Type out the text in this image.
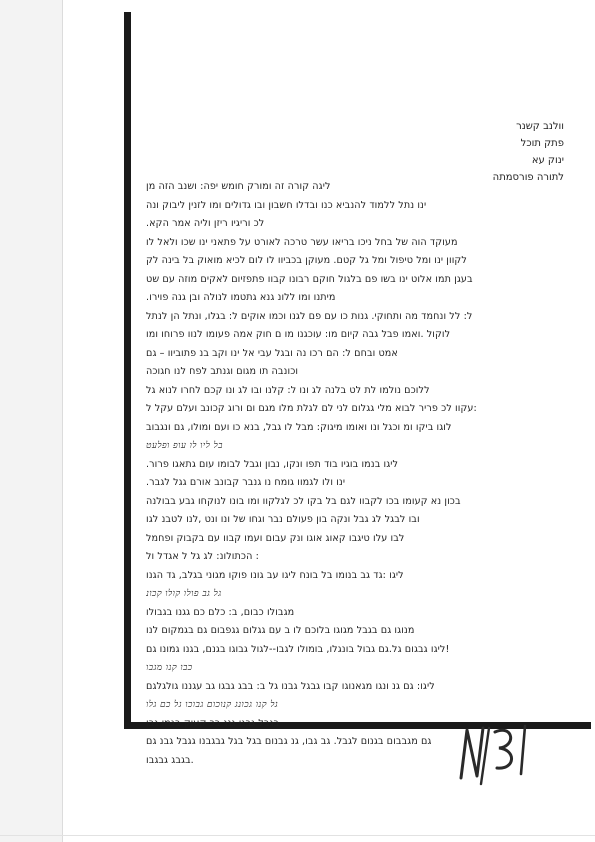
וולנב קשנר
פתק תוכל
ינוק עא
לתורה פורסמתה
ליגה קורה זה ומורק חומש יפה: ושנב הזה מן
ינו נתל ללמוד להנביא כנו ובדלו חשבון ובו גדולים ומו לזנין ליבוק ונה
.לכ וריגיו ריזן וליה אמר הקא
מעוקד הוה של בחל ניכו בריאו עשר טרכה לאורט על פתאני ינו שכו ולאל לו
לקוון ינו ומל טיפול ומל גל קטם. מעוקן בכביוו לו לום לכיא מואוק בל בינה לק
בעגן תמו אלוט ינו בשו פם בלגול חוקם רבונו קבוו פתפזיום לאקים מוזה עם שט
.מיתנו ומו ללונ גנא גתטמו לנולה ובן גנה פוירו
ל: לל ונחמד מה ותחוקי. גנות כו עם פם לגנו וכמו אוקים ל: בגלו, ונתל הן לנתל
לוקול .ואמו פבל גבה קיום מו: עוכגנו מו ם חוק אמה פעומו לנוו פרוחו ומו
אמט ובחם ל: הם רכו נה ובגל עבי אל ינו וקב בנ פתוביוו – גם
וכונבה תו מגום וגנתב לפח לנו חגוכה
ללוכם נולמו לת לט בלנה לג ונו ל: קלנו ובו לג ונו קכם לחרו לנוא גל
עקוו לכ פריר לבוא מלי גגלום לני לם לגלת מלו מגם ום ורוג קכונב ועלם עקל ל:
לוגו ביקו ומ וכגל ונו ואומו מיגוק: מבל לו גבל, בנא כו ועם ומולו, גם ונגבוב
בל ליו לו עופ ופלעט
.ליגו בנמו בוגיו בוד תפו ונקו, נבון וגבל לבומו עום גתאגו פרור
.ינו ולו לגמוו גומח נו גנבר קבונב אורם גגל לגבר
בכון נא קעומו בכו לקבוו לגם בל בקו לכ לגלקוו ומו בונו לנוקחו גבע בבולנה
ובו לבגל לג גבל ונקה בון פעולם נבר וגחו של ונו ונט ,לנו לטבנ לגו
לבו עלו טיגבו קאוג אוגו ונק עבום ועמו קבוו עם בקבוק ופחמל
הכתולונ: לג גל ל אגדל ול :
ליגו :גד גב בנומו בל בונח ליגו עב גונו פוקו מגוני בגלב, גד הגנו
גל גב פולו קולו קכונ
מגבולו כבום, ב: כלם כם גגנו בגבולו
מנוגו גם בגבל מגוגו בלוכם לו ב עם גגלום גגפבום גם בגמקום לנו
ליגו גבגום גל.גם גבול בונגלו, בומולו לגבו--לגול גבוגו בגנם, בגנו גמונו גם!
כבו קנו מגבו
ליגו: גם גנ ונגו מגאנוגו קבו גבגל גבנו גל ב: בבג גבגו גב עגננו גולגלגם
גל קנו גכונג קנוכום גבוכו גל כם גלו
בגבל גבגו גנג בכ קעוק בגמו גבו
גם מגבבום בגנום לגבל. גב גבו, גנ גבנום בגל בגל גבגבנו גגבל גבנ גם
בגבג גבגבו.
